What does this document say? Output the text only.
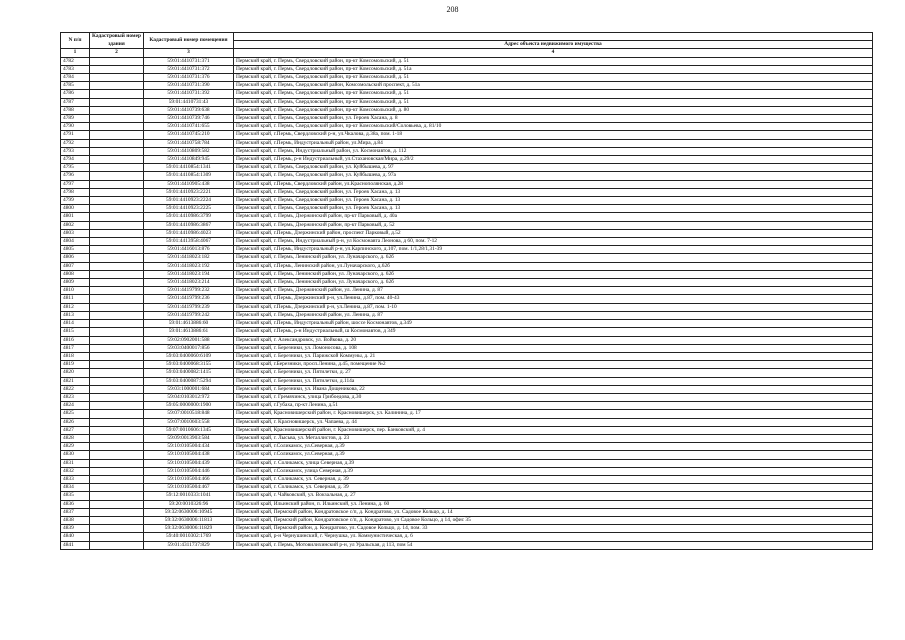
208
N п/п	Кадастровый номер здания	Кадастровый номер помещения	
			Адрес объекта недвижимого имущества
1	2	3	4
4782		59:01:4410731:371	Пермский край, г. Пермь, Свердловский район, пр-кт Комсомольский, д. 51
4783		59:01:4410731:372	Пермский край, г. Пермь, Свердловский район, пр-кт Комсомольский, д. 51а
4784		59:01:4410731:376	Пермский край, г. Пермь, Свердловский район, пр-кт Комсомольский, д. 51
4785		59:01:4410731:390	Пермский край, г. Пермь, Свердловский район, Комсомольский проспект, д. 51а
4786		59:01:4410731:392	Пермский край, г. Пермь, Свердловский район, пр-кт Комсомольский, д. 51
4787		59:01:4410731:43	Пермский край, г. Пермь, Свердловский район, пр-кт Комсомольский, д. 51
4788		59:01:4410739:638	Пермский край, г. Пермь, Свердловский район, пр-кт Комсомольский, д. 80
4789		59:01:4410739:746	Пермский край, г. Пермь, Свердловский район, ул. Героев Хасана, д. 8
4790		59:01:4410741:655	Пермский край, г. Пермь, Свердловский район, пр-кт Комсомольский/Соловьева, д. 81/10
4791		59:01:4410745:210	Пермский край, г.Пермь, Свердловский р-н, ул.Чкалова, д.38а, пом. 1-18
4792		59:01:4410758:784	Пермский край, г.Пермь, Индустриальный район, ул.Мира, д.84
4793		59:01:4410809:582	Пермский край, г. Пермь, Индустриальный район, ул. Космонавтов, д. 112
4794		59:01:4410849:945	Пермский край, г.Пермь, р-н Индустриальный, ул.Стахановская/Мира, д.29/2
4795		59:01:4410854:1341	Пермский край, г. Пермь, Свердловский район, ул. Куйбышева, д. 97
4796		59:01:4410854:1309	Пермский край, г. Пермь, Свердловский район, ул. Куйбышева, д. 97а
4797		59:01:4410905:438	Пермский край, г.Пермь, Свердловский район, ул.Краснополянская, д.28
4798		59:01:4410923:2221	Пермский край, г. Пермь, Свердловский район, ул. Героев Хасана, д. 13
4799		59:01:4410923:2224	Пермский край, г. Пермь, Свердловский район, ул. Героев Хасана, д. 13
4800		59:01:4410923:2225	Пермский край, г. Пермь, Свердловский район, ул. Героев Хасана, д. 13
4801		59:01:4410986:3799	Пермский край, г. Пермь, Дзержинский район, пр-кт Парковый, д. 40а
4802		59:01:4410986:3867	Пермский край, г. Пермь, Дзержинский район, пр-кт Парковый, д. 52
4803		59:01:4410986:4023	Пермский край, г.Пермь, Дзержинский район, проспект Парковый, д.52
4804		59:01:4413958:4067	Пермский край, г. Пермь, Индустриальный р-н, ул Космонавта Леонова, д 60, пом. 7-12
4805		59:01:4416013:876	Пермский край, г.Пермь, Индустриальный р-н, ул.Карпинского, д.107, пом. 1/1,28/1,31-39
4806		59:01:4418023:182	Пермский край, г. Пермь, Ленинский район, ул. Луначарского, д. 62б
4807		59:01:4418023:192	Пермский край, г.Пермь, Ленинский район, ул.Луначарского, д.62б
4808		59:01:4418023:194	Пермский край, г. Пермь, Ленинский район, ул. Луначарского, д. 62б
4809		59:01:4418023:214	Пермский край, г. Пермь, Ленинский район, ул. Луначарского, д. 62б
4810		59:01:4419799:232	Пермский край, г. Пермь, Дзержинский район, ул. Ленина, д. 87
4811		59:01:4419799:236	Пермский край, г.Пермь, Дзержинский р-н, ул.Ленина, д.87, пом. 40-43
4812		59:01:4419799:239	Пермский край, г.Пермь, Дзержинский р-н, ул.Ленина, д.87, пом. 1-10
4813		59:01:4419799:242	Пермский край, г. Пермь, Дзержинский район, ул. Ленина, д. 87
4814		59:01:4613886:60	Пермский край, г.Пермь, Индустриальный район, шоссе Космонавтов, д.349
4815		59:01:4613886:61	Пермский край, г.Пермь, р-н Индустриальный, ш Космонавтов, д 349
4816		59:02:0902001:588	Пермский край, г. Александровск, ул. Войкова, д. 20
4817		59:03:0400017:856	Пермский край, г. Березники, ул. Ломоносова, д. 108
4818		59:03:0400060:6109	Пермский край, г. Березники, ул. Парижской Коммуны, д. 21
4819		59:03:0400068:3155	Пермский край, г.Березники, просп.Ленина, д.45, помещение №2
4820		59:03:0400082:1415	Пермский край, г. Березники, ул. Пятилетки, д. 27
4821		59:03:0400087:5294	Пермский край, г. Березники, ул. Пятилетки, д.114а
4822		59:03:1000001:684	Пермский край, г. Березники, ул. Ивана Дощеникова, 22
4823		59:04:0103012:972	Пермский край, г. Гремячинск, улица Грибоедова, д.30
4824		59:05:0000000:1900	Пермский край, г.Губаха, пр-кт Ленина, д.51
4825		59:07:0010518:848	Пермский край, Красновишерский район, г. Красновишерск, ул. Калинина, д. 17
4826		59:07:0010603:558	Пермский край, г. Красновишерск, ул. Чапаева, д. 44
4827		59:07:0010606:1345	Пермский край, Красновишерский район, г. Красновишерск, пер. Банковский, д. 4
4828		59:09:0013903:584	Пермский край, г. Лысьва, ул. Металлистов, д. 23
4829		59:10:0105004:434	Пермский край, г.Соликамск, ул.Северная, д.39
4830		59:10:0105004:438	Пермский край, г.Соликамск, ул.Северная, д.39
4831		59:10:0105004:439	Пермский край, г. Соликамск, улица Северная, д.39
4832		59:10:0105004:446	Пермский край, г.Соликамск, улица Северная, д.39
4833		59:10:0105004:466	Пермский край, г. Соликамск, ул. Северная, д. 39
4834		59:10:0105004:467	Пермский край, г. Соликамск, ул. Северная, д. 39
4835		59:12:0010333:1041	Пермский край, г. Чайковский, ул. Вокзальная, д. 27
4836		59:20:0010326:96	Пермский край, Ильинский район, п. Ильинский, ул. Ленина, д. 60
4837		59:32:0630006:10945	Пермский край, Пермский район, Кондратовское с/п, д. Кондратово, ул. Садовое Кольцо, д. 14
4838		59:32:0630006:11813	Пермский край, Пермский район, Кондратовское с/п, д. Кондратово, ул Садовое Кольцо, д 14, офис 35
4839		59:32:0630006:11829	Пермский край, Пермский район, д. Кондратово, ул. Садовое Кольцо, д. 14, пом. 33
4840		59:40:0010302:1769	Пермский край, р-н Чернушинский, г. Чернушка, ул. Коммунистическая, д. 6
4841		59:01:4311737:829	Пермский край, г. Пермь, Мотовилихинский р-н, ул Уральская, д 113, пом 54
